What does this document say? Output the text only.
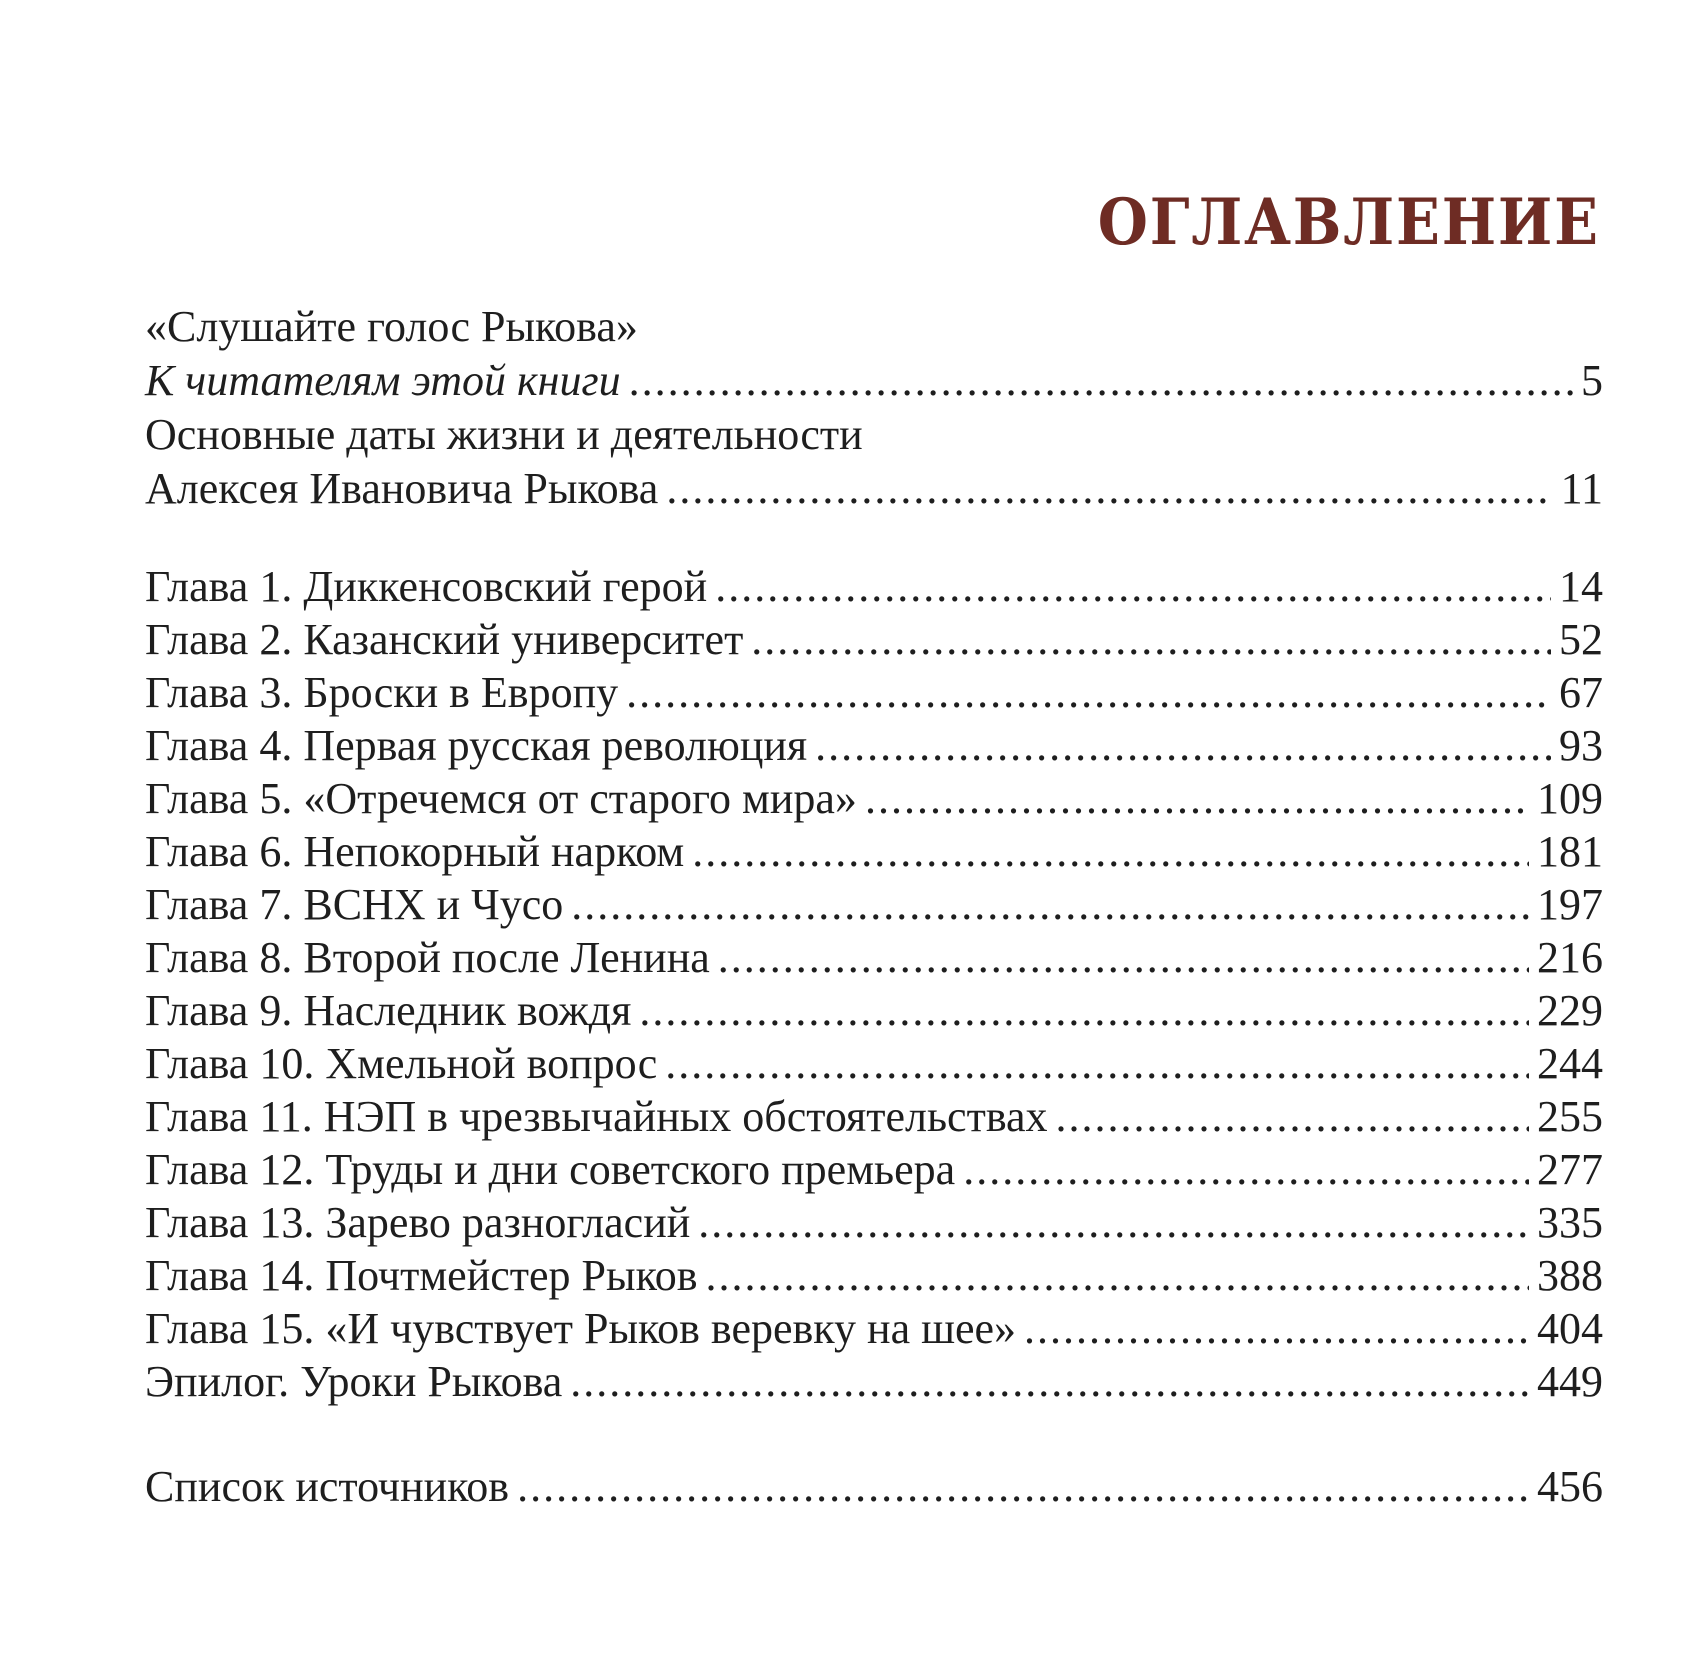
ОГЛАВЛЕНИЕ
«Слушайте голос Рыкова»
К читателям этой книги .....	5
Основные даты жизни и деятельности
Алексея Ивановича Рыкова .....	11
Глава 1. Диккенсовский герой .....	14
Глава 2. Казанский университет .....	52
Глава 3. Броски в Европу .....	67
Глава 4. Первая русская революция .....	93
Глава 5. «Отречемся от старого мира» .....	109
Глава 6. Непокорный нарком .....	181
Глава 7. ВСНХ и Чусо .....	197
Глава 8. Второй после Ленина .....	216
Глава 9. Наследник вождя .....	229
Глава 10. Хмельной вопрос .....	244
Глава 11. НЭП в чрезвычайных обстоятельствах .....	255
Глава 12. Труды и дни советского премьера .....	277
Глава 13. Зарево разногласий .....	335
Глава 14. Почтмейстер Рыков .....	388
Глава 15. «И чувствует Рыков веревку на шее» .....	404
Эпилог. Уроки Рыкова .....	449
Список источников .....	456
